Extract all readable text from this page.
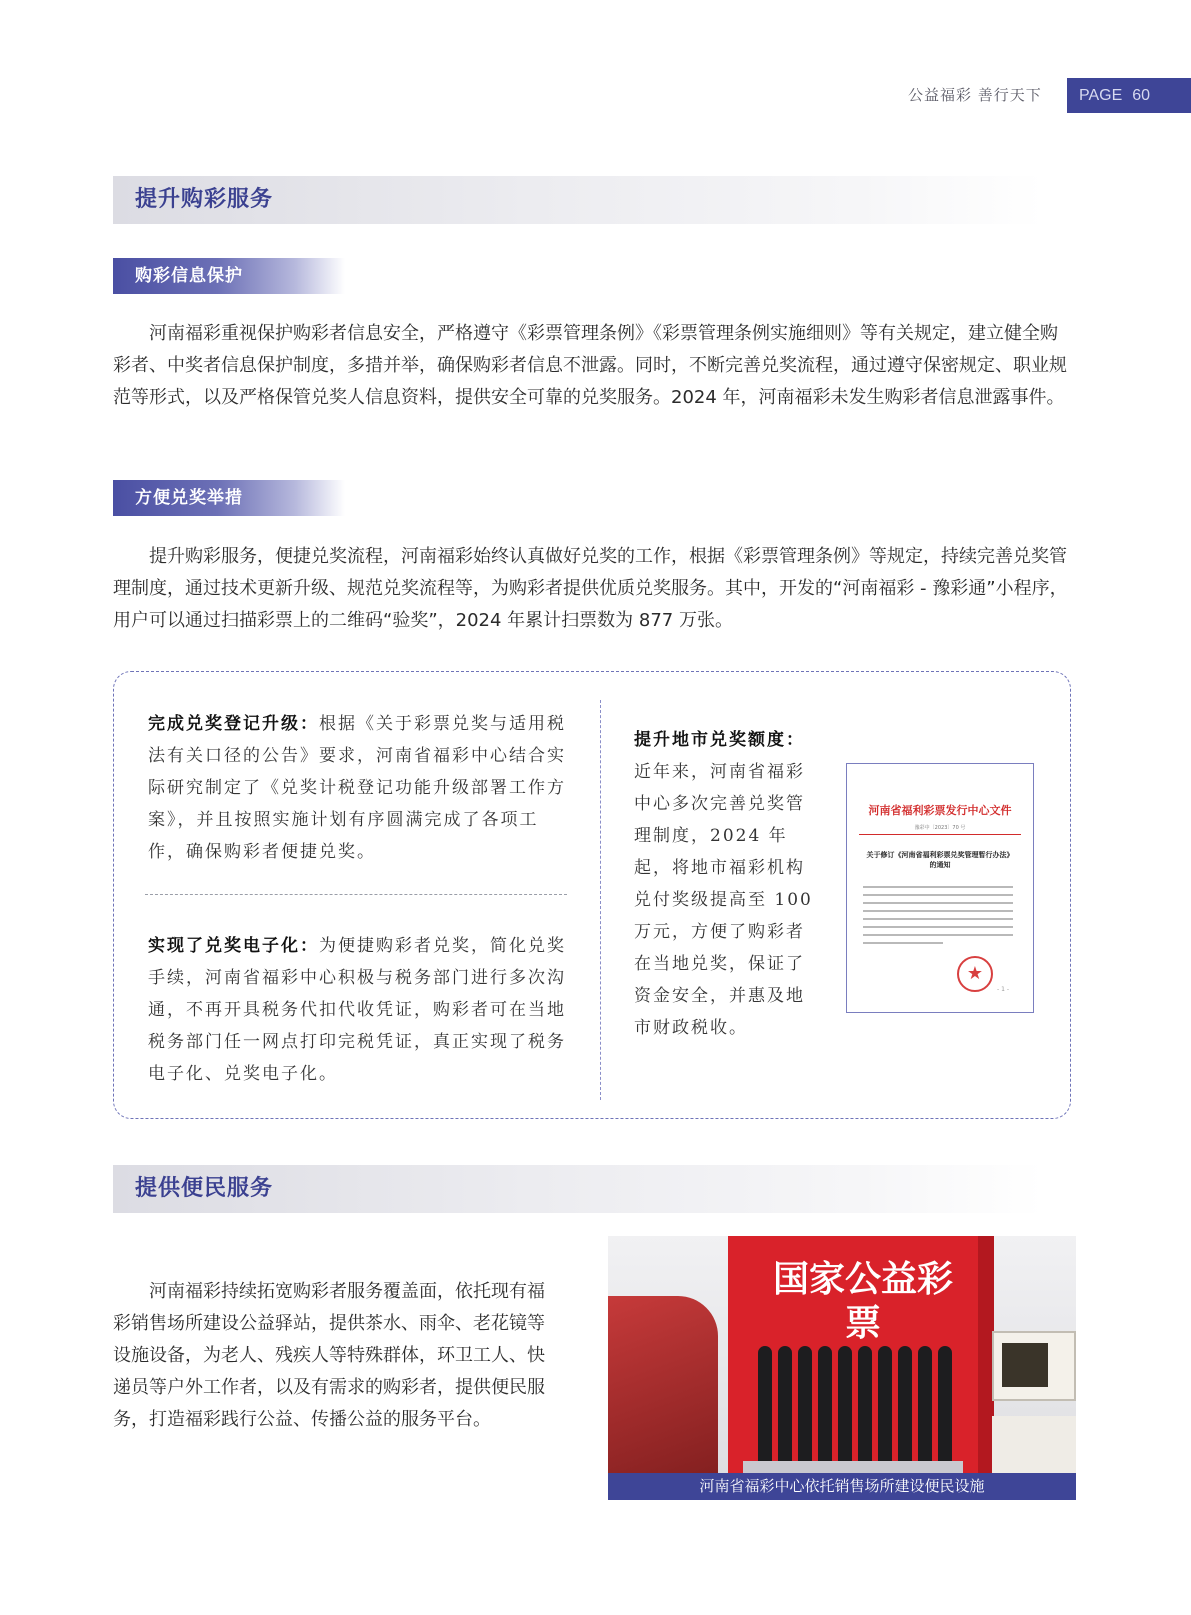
公益福彩 善行天下	PAGE 60
提升购彩服务
购彩信息保护

河南福彩重视保护购彩者信息安全，严格遵守《彩票管理条例》《彩票管理条例实施细则》等有关规定，建立健全购彩者、中奖者信息保护制度，多措并举，确保购彩者信息不泄露。同时，不断完善兑奖流程，通过遵守保密规定、职业规范等形式，以及严格保管兑奖人信息资料，提供安全可靠的兑奖服务。2024 年，河南福彩未发生购彩者信息泄露事件。

方便兑奖举措

提升购彩服务，便捷兑奖流程，河南福彩始终认真做好兑奖的工作，根据《彩票管理条例》等规定，持续完善兑奖管理制度，通过技术更新升级、规范兑奖流程等，为购彩者提供优质兑奖服务。其中，开发的“河南福彩 - 豫彩通”小程序，用户可以通过扫描彩票上的二维码“验奖”，2024 年累计扫票数为 877 万张。

完成兑奖登记升级：根据《关于彩票兑奖与适用税法有关口径的公告》要求，河南省福彩中心结合实际研究制定了《兑奖计税登记功能升级部署工作方案》，并且按照实施计划有序圆满完成了各项工作，确保购彩者便捷兑奖。
实现了兑奖电子化：为便捷购彩者兑奖，简化兑奖手续，河南省福彩中心积极与税务部门进行多次沟通，不再开具税务代扣代收凭证，购彩者可在当地税务部门任一网点打印完税凭证，真正实现了税务电子化、兑奖电子化。
提升地市兑奖额度：
近年来，河南省福彩中心多次完善兑奖管理制度，2024 年起，将地市福彩机构兑付奖级提高至 100 万元，方便了购彩者在当地兑奖，保证了资金安全，并惠及地市财政税收。
河南省福利彩票发行中心文件
豫彩中〔2023〕70 号
关于修订《河南省福利彩票兑奖管理暂行办法》的通知
★
- 1 -
提供便民服务

河南福彩持续拓宽购彩者服务覆盖面，依托现有福彩销售场所建设公益驿站，提供茶水、雨伞、老花镜等设施设备，为老人、残疾人等特殊群体，环卫工人、快递员等户外工作者，以及有需求的购彩者，提供便民服务，打造福彩践行公益、传播公益的服务平台。

国家公益彩票
河南省福彩中心依托销售场所建设便民设施
